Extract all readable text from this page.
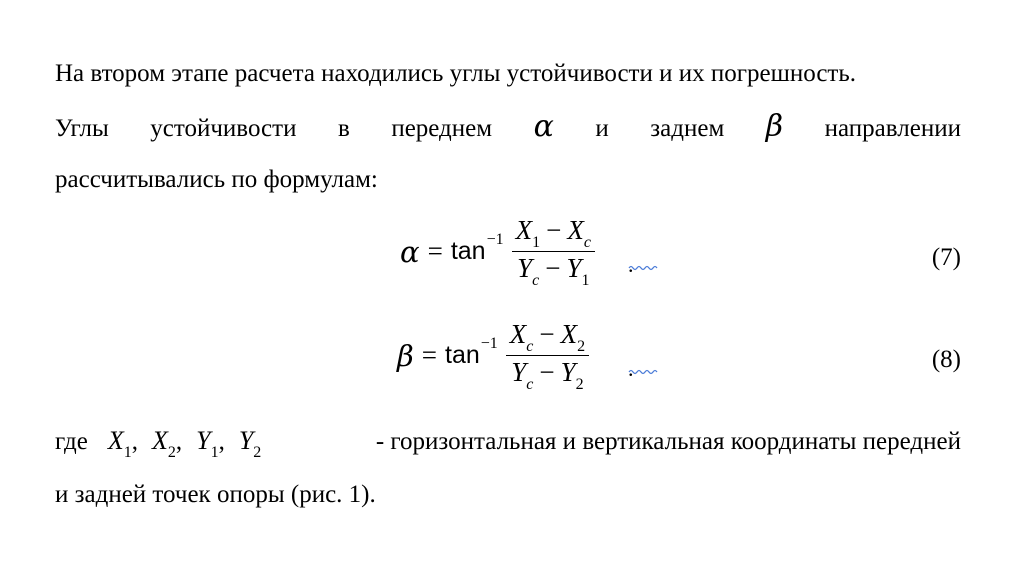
На втором этапе расчета находились углы устойчивости и их погрешность.
Углы устойчивости в переднем α и заднем β направлении
рассчитывались по формулам:
$\alpha = \tan -1 \frac{X_1 - X_c}{Y_c - Y_1}$ .	(7)
$\beta = \tan -1 \frac{X_c - X_2}{Y_c - Y_2}$ .	(8)
где $X_1$, $X_2$, $Y_1$, $Y_2$	- горизонтальная и вертикальная координаты передней
и задней точек опоры (рис. 1).
